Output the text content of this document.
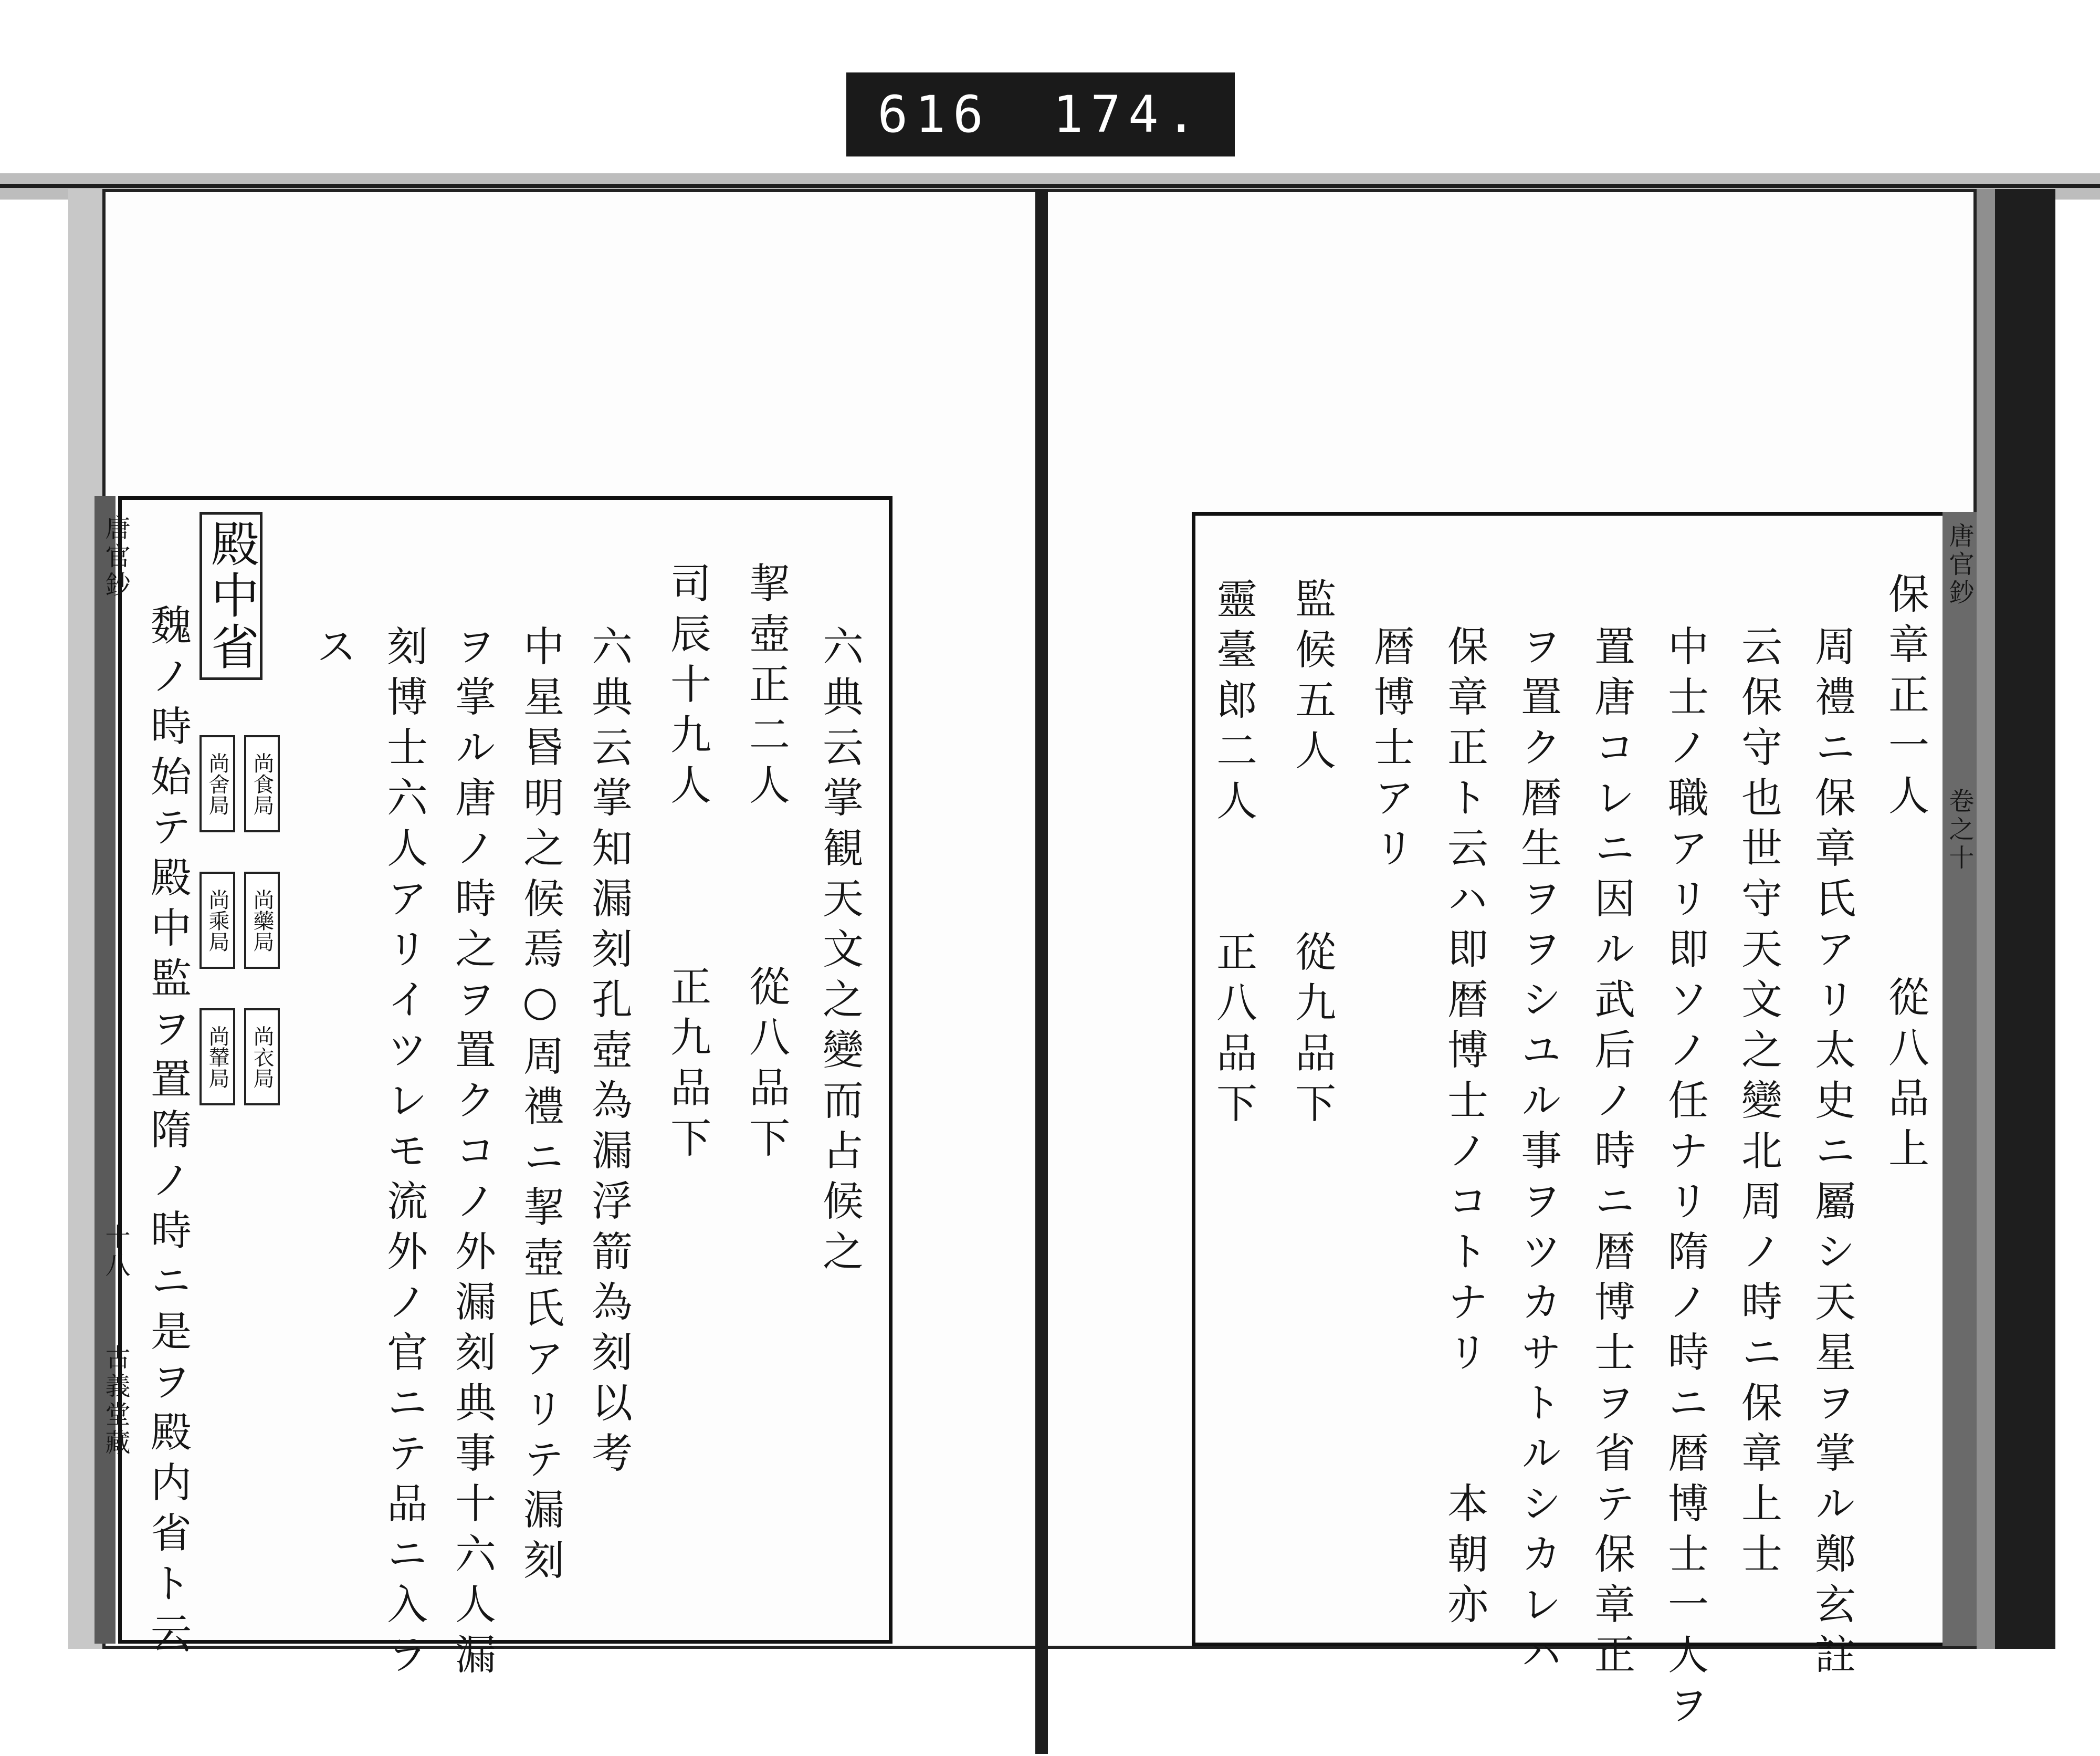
616 174.
唐官鈔
十八
古義堂藏
殿中省
尚食局
尚舍局
尚藥局
尚乘局
尚衣局
尚輦局	六典云掌観天文之變而占候之
挈壺正二人　　　從八品下
司辰十九人　　　正九品下
六典云掌知漏刻孔壺為漏浮箭為刻以考
中星昬明之候焉○周禮ニ挈壺氏アリテ漏刻
ヲ掌ル唐ノ時之ヲ置クコノ外漏刻典事十六人漏
刻博士六人アリイツレモ流外ノ官ニテ品ニ入ラ
ス
魏ノ時始テ殿中監ヲ置隋ノ時ニ是ヲ殿内省ト云
唐官鈔
卷之十
保章正一人　　　從八品上
周禮ニ保章氏アリ太史ニ屬シ天星ヲ掌ル鄭玄註
云保守也世守天文之變北周ノ時ニ保章上士
中士ノ職アリ即ソノ任ナリ隋ノ時ニ暦博士一人ヲ
置唐コレニ因ル武后ノ時ニ暦博士ヲ省テ保章正
ヲ置ク暦生ヲヲシユル事ヲツカサトルシカレハ
保章正ト云ハ即暦博士ノコトナリ　　本朝亦
暦博士アリ
監候五人　　　從九品下
靈臺郎二人　　正八品下
